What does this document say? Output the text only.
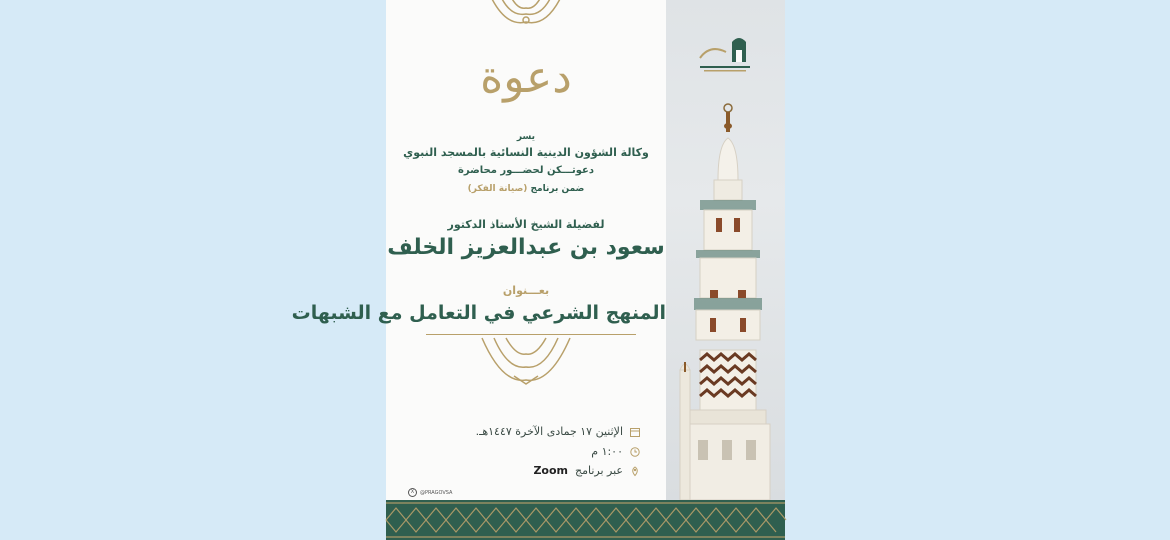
دعوة
يسر
وكالة الشؤون الدينية النسائية بالمسجد النبوي
دعوتـــكن لحضـــور محاضرة
ضمن برنامج (صيانة الفكر)
لفضيلة الشيخ الأستاذ الدكتور
سعود بن عبدالعزيز الخلف
بعـــنوان
المنهج الشرعي في التعامل مع الشبهات
الإثنين ١٧ جمادى الآخرة ١٤٤٧هـ.
١:٠٠ م
عبر برنامج
Zoom
X	@PRAGOVSA
